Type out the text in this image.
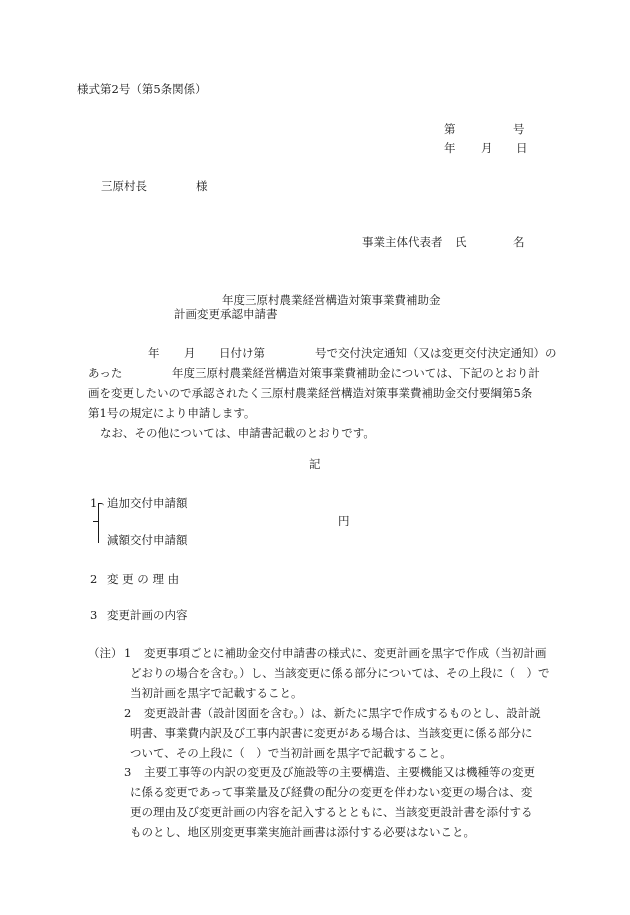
様式第2号（第5条関係）
第	号
年 月 日
三原村長	様
事業主体代表者 氏	名
年度三原村農業経営構造対策事業費補助金
計画変更承認申請書
年 月 日付け第	号で交付決定通知（又は変更交付決定通知）の
あった	年度三原村農業経営構造対策事業費補助金については、下記のとおり計
画を変更したいので承認されたく三原村農業経営構造対策事業費補助金交付要綱第5条
第1号の規定により申請します。
なお、その他については、申請書記載のとおりです。
記
1 追加交付申請額
円
減額交付申請額
2 変 更 の 理 由
3 変更計画の内容
（注） 1 変更事項ごとに補助金交付申請書の様式に、変更計画を黒字で作成（当初計画
どおりの場合を含む。）し、当該変更に係る部分については、その上段に（　）で
当初計画を黒字で記載すること。
2 変更設計書（設計図面を含む。）は、新たに黒字で作成するものとし、設計説
明書、事業費内訳及び工事内訳書に変更がある場合は、当該変更に係る部分に
ついて、その上段に（　）で当初計画を黒字で記載すること。
3 主要工事等の内訳の変更及び施設等の主要構造、主要機能又は機種等の変更
に係る変更であって事業量及び経費の配分の変更を伴わない変更の場合は、変
更の理由及び変更計画の内容を記入するとともに、当該変更設計書を添付する
ものとし、地区別変更事業実施計画書は添付する必要はないこと。
